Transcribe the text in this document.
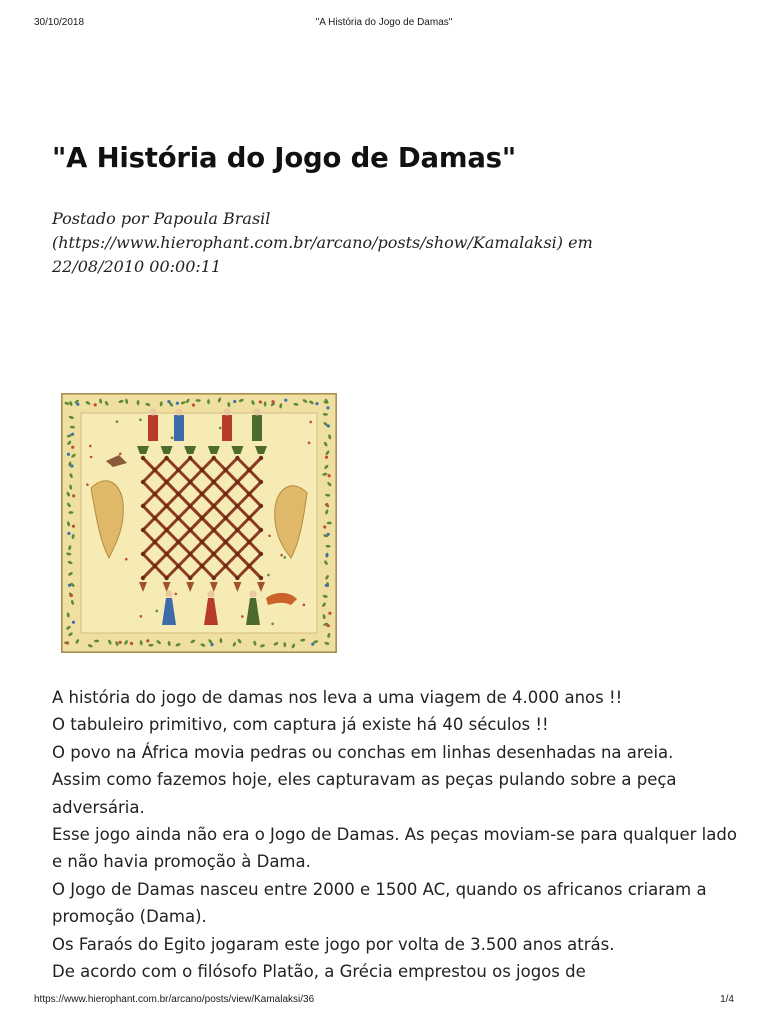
30/10/2018	"A História do Jogo de Damas"
"A História do Jogo de Damas"
Postado por Papoula Brasil
(https://www.hierophant.com.br/arcano/posts/show/Kamalaksi) em
22/08/2010 00:00:11

A história do jogo de damas nos leva a uma viagem de 4.000 anos !!

O tabuleiro primitivo, com captura já existe há 40 séculos !!

O povo na África movia pedras ou conchas em linhas desenhadas na areia.

Assim como fazemos hoje, eles capturavam as peças pulando sobre a peça adversária.

Esse jogo ainda não era o Jogo de Damas. As peças moviam-se para qualquer lado e não havia promoção à Dama.

O Jogo de Damas nasceu entre 2000 e 1500 AC, quando os africanos criaram a promoção (Dama).

Os Faraós do Egito jogaram este jogo por volta de 3.500 anos atrás.

De acordo com o filósofo Platão, a Grécia emprestou os jogos de

https://www.hierophant.com.br/arcano/posts/view/Kamalaksi/36	1/4
